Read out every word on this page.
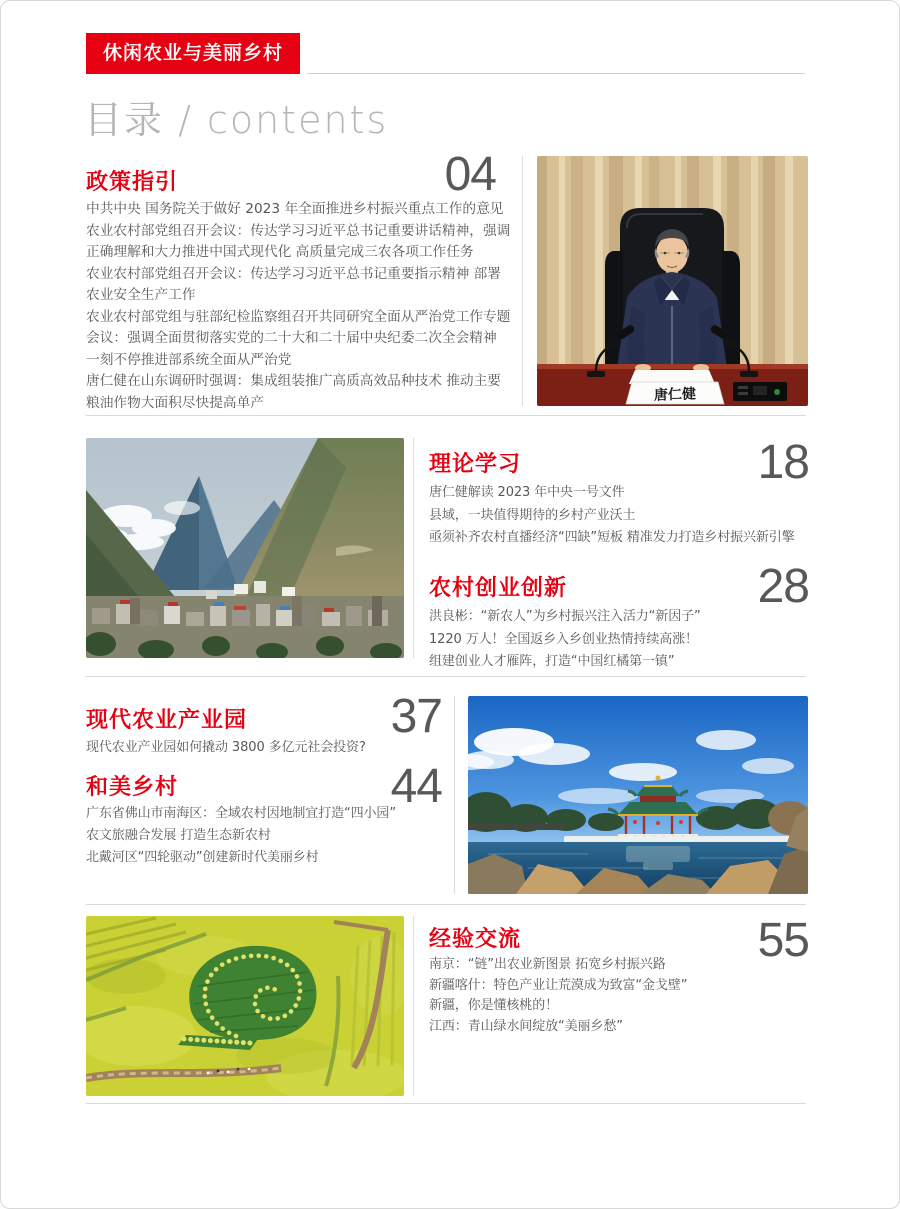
休闲农业与美丽乡村
目录 / contents
政策指引	04

中共中央 国务院关于做好 2023 年全面推进乡村振兴重点工作的意见

农业农村部党组召开会议：传达学习习近平总书记重要讲话精神，强调正确理解和大力推进中国式现代化 高质量完成三农各项工作任务

农业农村部党组召开会议：传达学习习近平总书记重要指示精神 部署农业安全生产工作

农业农村部党组与驻部纪检监察组召开共同研究全面从严治党工作专题会议：强调全面贯彻落实党的二十大和二十届中央纪委二次全会精神 一刻不停推进部系统全面从严治党

唐仁健在山东调研时强调：集成组装推广高质高效品种技术 推动主要粮油作物大面积尽快提高单产	唐仁健
理论学习	18

唐仁健解读 2023 年中央一号文件

县域，一块值得期待的乡村产业沃土

亟须补齐农村直播经济“四缺”短板 精准发力打造乡村振兴新引擎

农村创业创新	28

洪良彬：“新农人”为乡村振兴注入活力“新因子”

1220 万人！全国返乡入乡创业热情持续高涨！

组建创业人才雁阵，打造“中国红橘第一镇”

现代农业产业园	37

现代农业产业园如何撬动 3800 多亿元社会投资?

和美乡村	44

广东省佛山市南海区：全域农村因地制宜打造“四小园”

农文旅融合发展 打造生态新农村

北戴河区“四轮驱动”创建新时代美丽乡村

经验交流	55

南京：“链”出农业新图景 拓宽乡村振兴路

新疆喀什：特色产业让荒漠成为致富“金戈壁”

新疆，你是懂核桃的！

江西：青山绿水间绽放“美丽乡愁”
